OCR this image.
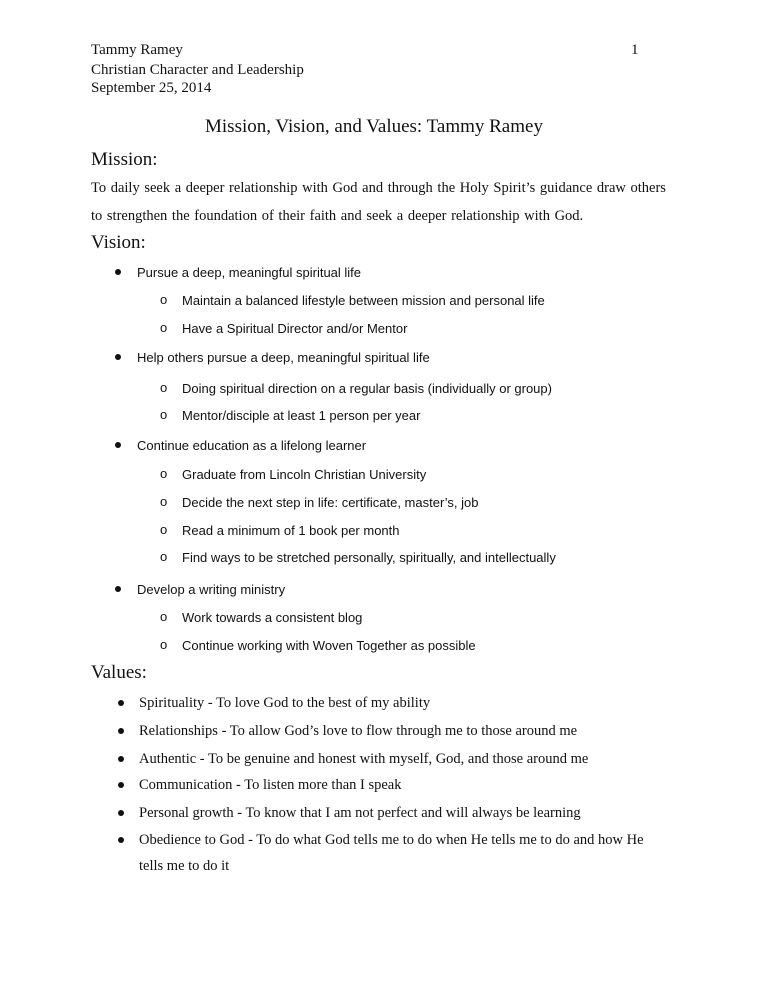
Tammy Ramey	1
Christian Character and Leadership
September 25, 2014
Mission, Vision, and Values: Tammy Ramey
Mission:
To daily seek a deeper relationship with God and through the Holy Spirit’s guidance draw others
to strengthen the foundation of their faith and seek a deeper relationship with God.
Vision:
Pursue a deep, meaningful spiritual life
o Maintain a balanced lifestyle between mission and personal life
o Have a Spiritual Director and/or Mentor
Help others pursue a deep, meaningful spiritual life
o Doing spiritual direction on a regular basis (individually or group)
o Mentor/disciple at least 1 person per year
Continue education as a lifelong learner
o Graduate from Lincoln Christian University
o Decide the next step in life: certificate, master’s, job
o Read a minimum of 1 book per month
o Find ways to be stretched personally, spiritually, and intellectually
Develop a writing ministry
o Work towards a consistent blog
o Continue working with Woven Together as possible
Values:
Spirituality - To love God to the best of my ability
Relationships - To allow God’s love to flow through me to those around me
Authentic - To be genuine and honest with myself, God, and those around me
Communication - To listen more than I speak
Personal growth - To know that I am not perfect and will always be learning
Obedience to God - To do what God tells me to do when He tells me to do and how He
tells me to do it
